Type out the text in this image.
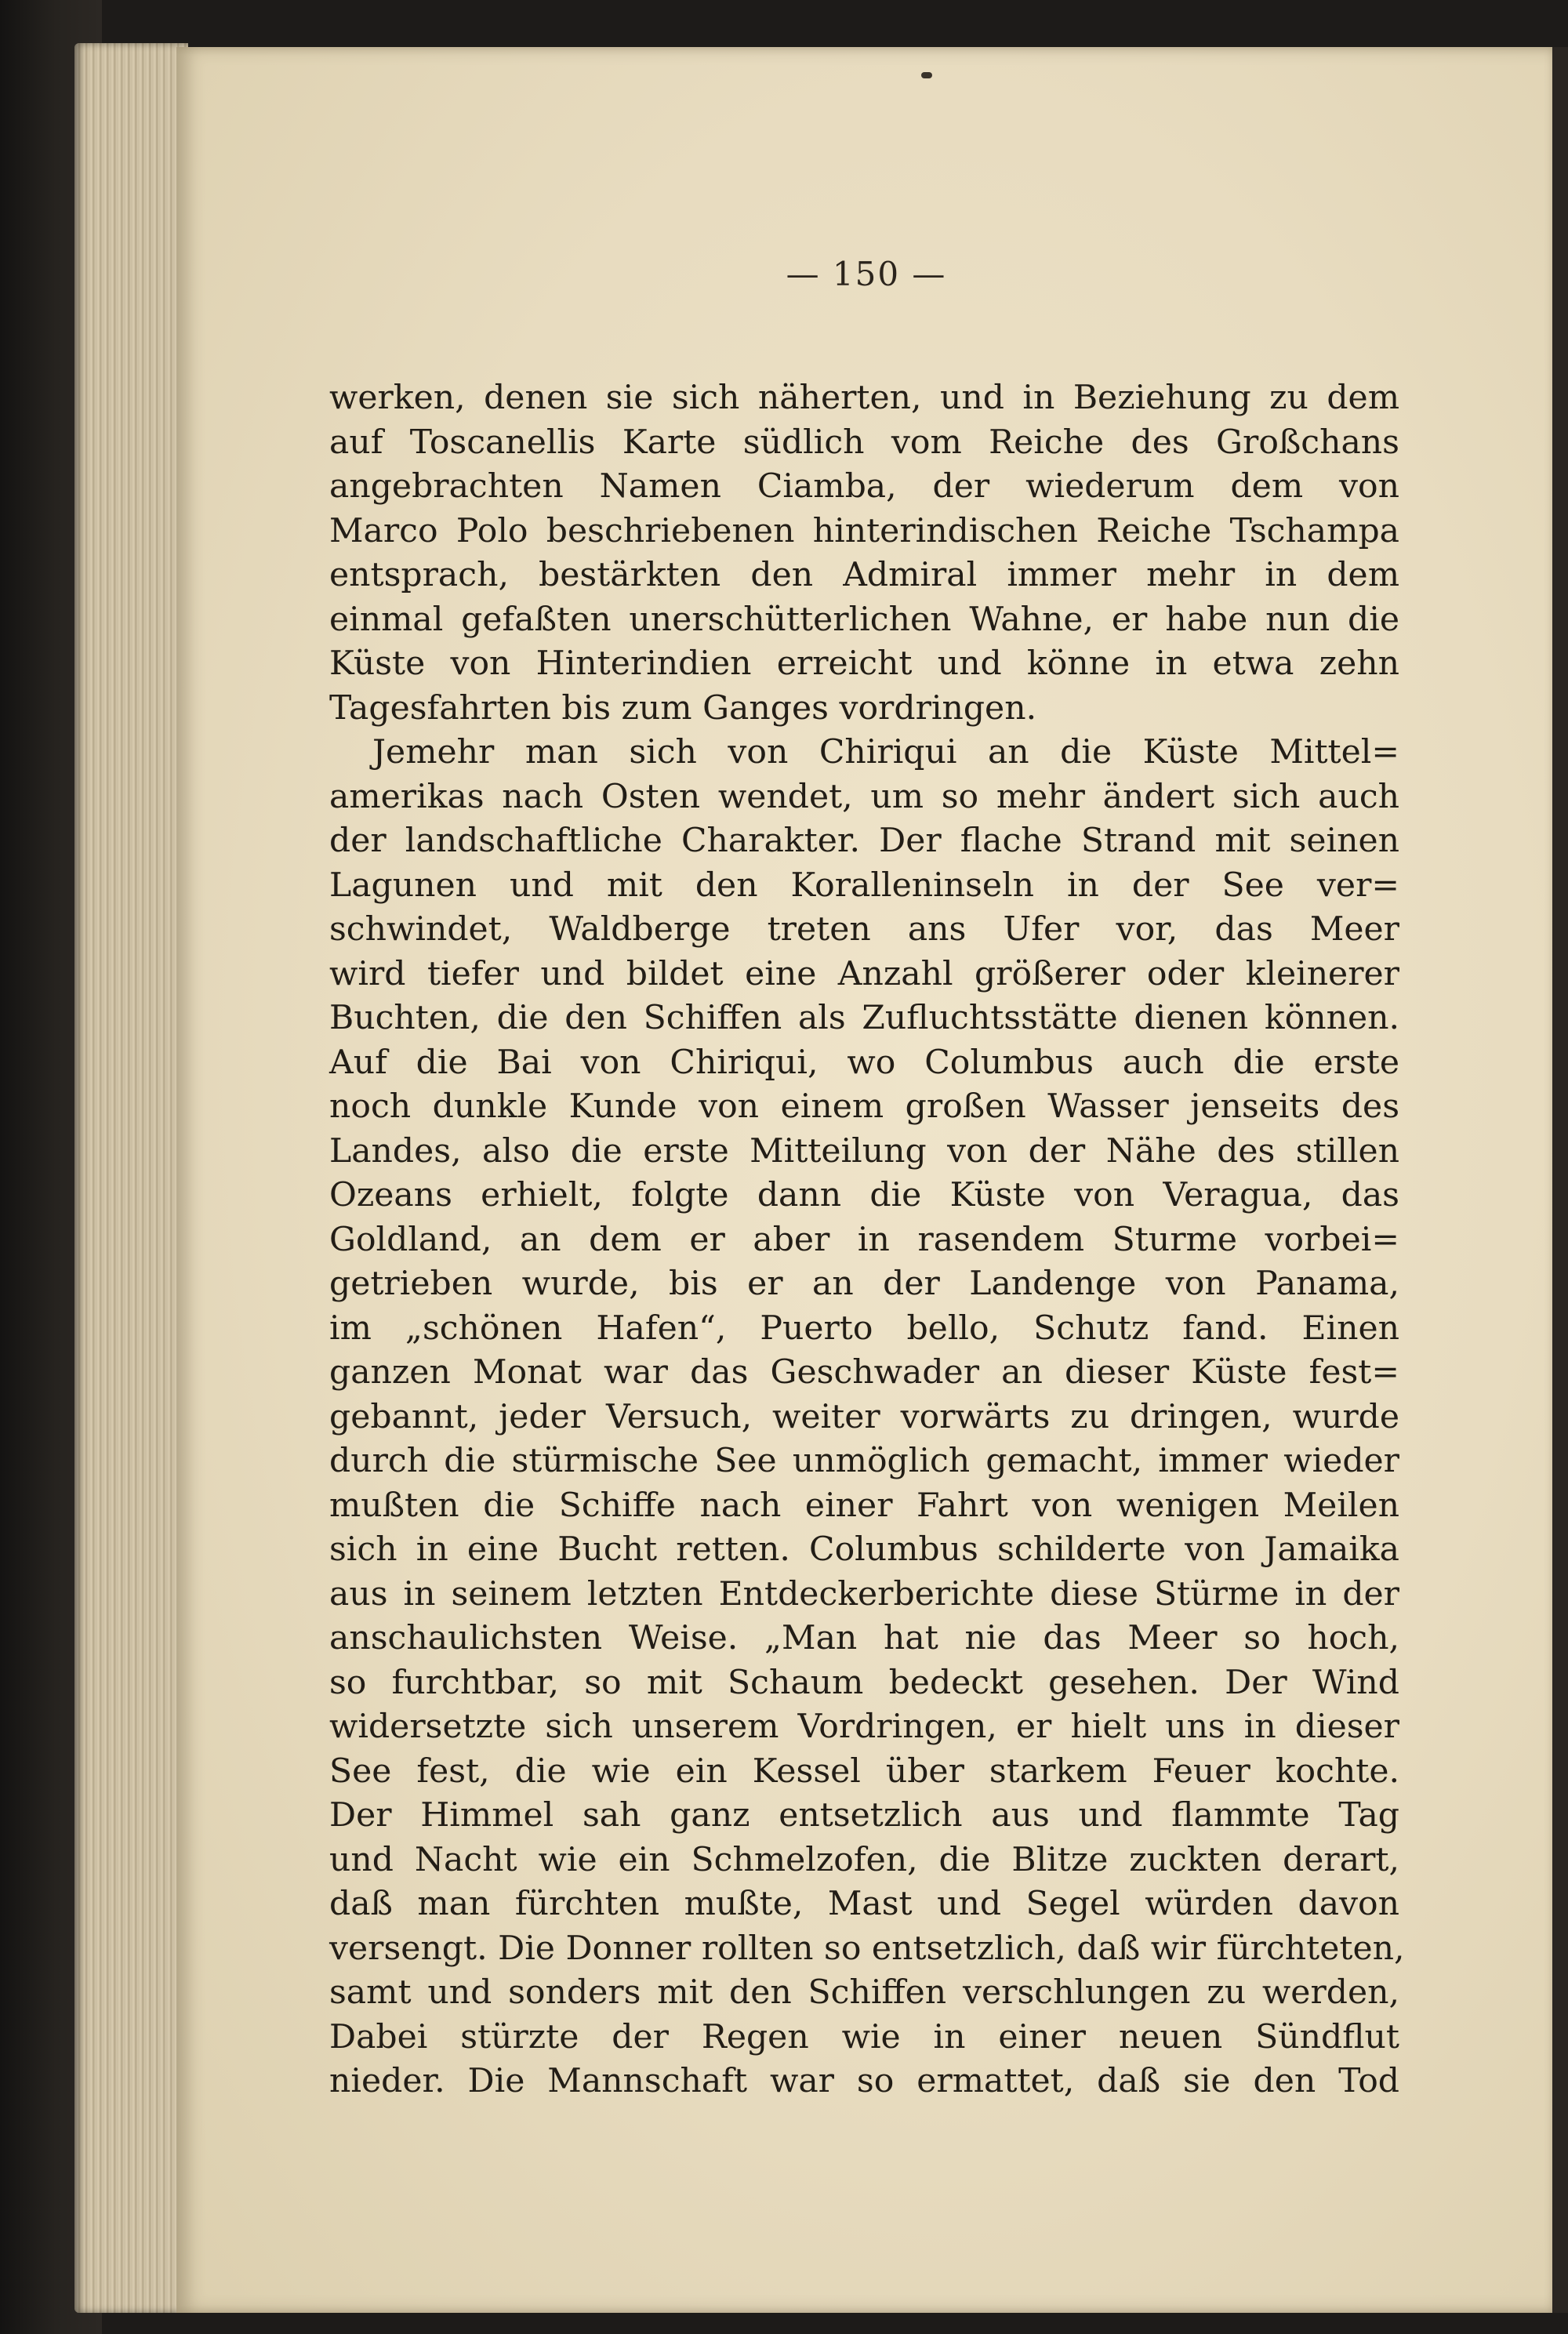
— 150 —
werken, denen sie sich näherten, und in Beziehung zu dem
auf Toscanellis Karte südlich vom Reiche des Großchans
angebrachten Namen Ciamba, der wiederum dem von
Marco Polo beschriebenen hinterindischen Reiche Tschampa
entsprach, bestärkten den Admiral immer mehr in dem
einmal gefaßten unerschütterlichen Wahne, er habe nun die
Küste von Hinterindien erreicht und könne in etwa zehn
Tagesfahrten bis zum Ganges vordringen.
Jemehr man sich von Chiriqui an die Küste Mittel=
amerikas nach Osten wendet, um so mehr ändert sich auch
der landschaftliche Charakter. Der flache Strand mit seinen
Lagunen und mit den Koralleninseln in der See ver=
schwindet, Waldberge treten ans Ufer vor, das Meer
wird tiefer und bildet eine Anzahl größerer oder kleinerer
Buchten, die den Schiffen als Zufluchtsstätte dienen können.
Auf die Bai von Chiriqui, wo Columbus auch die erste
noch dunkle Kunde von einem großen Wasser jenseits des
Landes, also die erste Mitteilung von der Nähe des stillen
Ozeans erhielt, folgte dann die Küste von Veragua, das
Goldland, an dem er aber in rasendem Sturme vorbei=
getrieben wurde, bis er an der Landenge von Panama,
im „schönen Hafen“, Puerto bello, Schutz fand. Einen
ganzen Monat war das Geschwader an dieser Küste fest=
gebannt, jeder Versuch, weiter vorwärts zu dringen, wurde
durch die stürmische See unmöglich gemacht, immer wieder
mußten die Schiffe nach einer Fahrt von wenigen Meilen
sich in eine Bucht retten. Columbus schilderte von Jamaika
aus in seinem letzten Entdeckerberichte diese Stürme in der
anschaulichsten Weise. „Man hat nie das Meer so hoch,
so furchtbar, so mit Schaum bedeckt gesehen. Der Wind
widersetzte sich unserem Vordringen, er hielt uns in dieser
See fest, die wie ein Kessel über starkem Feuer kochte.
Der Himmel sah ganz entsetzlich aus und flammte Tag
und Nacht wie ein Schmelzofen, die Blitze zuckten derart,
daß man fürchten mußte, Mast und Segel würden davon
versengt. Die Donner rollten so entsetzlich, daß wir fürchteten,
samt und sonders mit den Schiffen verschlungen zu werden,
Dabei stürzte der Regen wie in einer neuen Sündflut
nieder. Die Mannschaft war so ermattet, daß sie den Tod
